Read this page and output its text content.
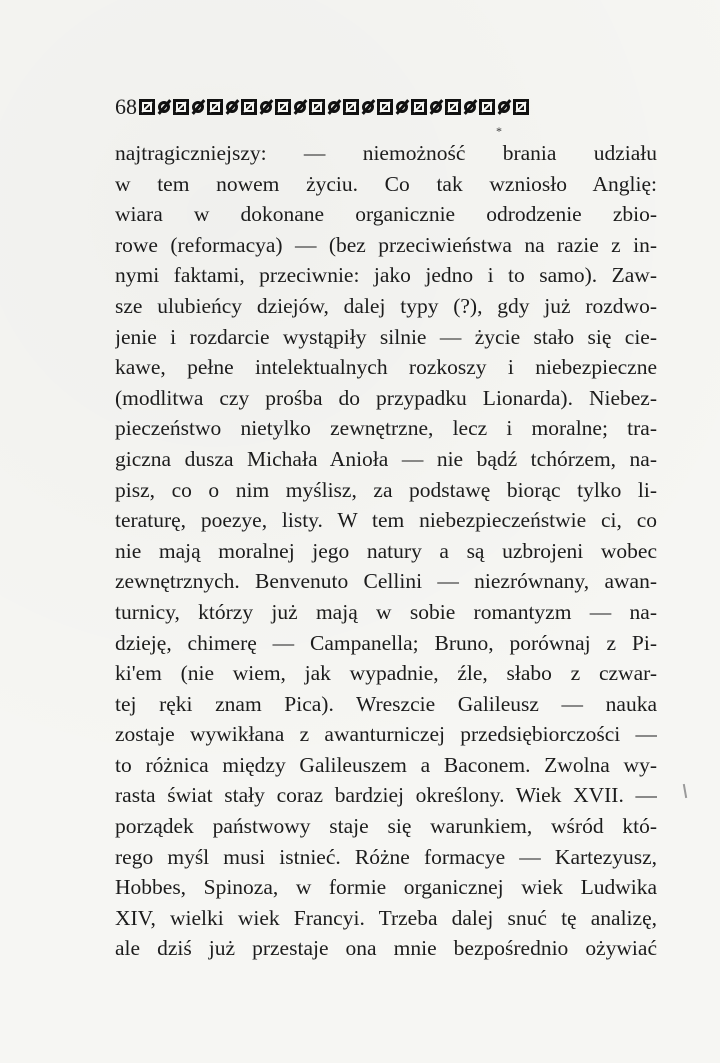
68
*
najtragiczniejszy: — niemożność brania udziału
w tem nowem życiu. Co tak wzniosło Anglię:
wiara w dokonane organicznie odrodzenie zbio-
rowe (reformacya) — (bez przeciwieństwa na razie z in-
nymi faktami, przeciwnie: jako jedno i to samo). Zaw-
sze ulubieńcy dziejów, dalej typy (?), gdy już rozdwo-
jenie i rozdarcie wystąpiły silnie — życie stało się cie-
kawe, pełne intelektualnych rozkoszy i niebezpieczne
(modlitwa czy prośba do przypadku Lionarda). Niebez-
pieczeństwo nietylko zewnętrzne, lecz i moralne; tra-
giczna dusza Michała Anioła — nie bądź tchórzem, na-
pisz, co o nim myślisz, za podstawę biorąc tylko li-
teraturę, poezye, listy. W tem niebezpieczeństwie ci, co
nie mają moralnej jego natury a są uzbrojeni wobec
zewnętrznych. Benvenuto Cellini — niezrównany, awan-
turnicy, którzy już mają w sobie romantyzm — na-
dzieję, chimerę — Campanella; Bruno, porównaj z Pi-
ki'em (nie wiem, jak wypadnie, źle, słabo z czwar-
tej ręki znam Pica). Wreszcie Galileusz — nauka
zostaje wywikłana z awanturniczej przedsiębiorczości —
to różnica między Galileuszem a Baconem. Zwolna wy-
rasta świat stały coraz bardziej określony. Wiek XVII. —
porządek państwowy staje się warunkiem, wśród któ-
rego myśl musi istnieć. Różne formacye — Kartezyusz,
Hobbes, Spinoza, w formie organicznej wiek Ludwika
XIV, wielki wiek Francyi. Trzeba dalej snuć tę analizę,
ale dziś już przestaje ona mnie bezpośrednio ożywiać
